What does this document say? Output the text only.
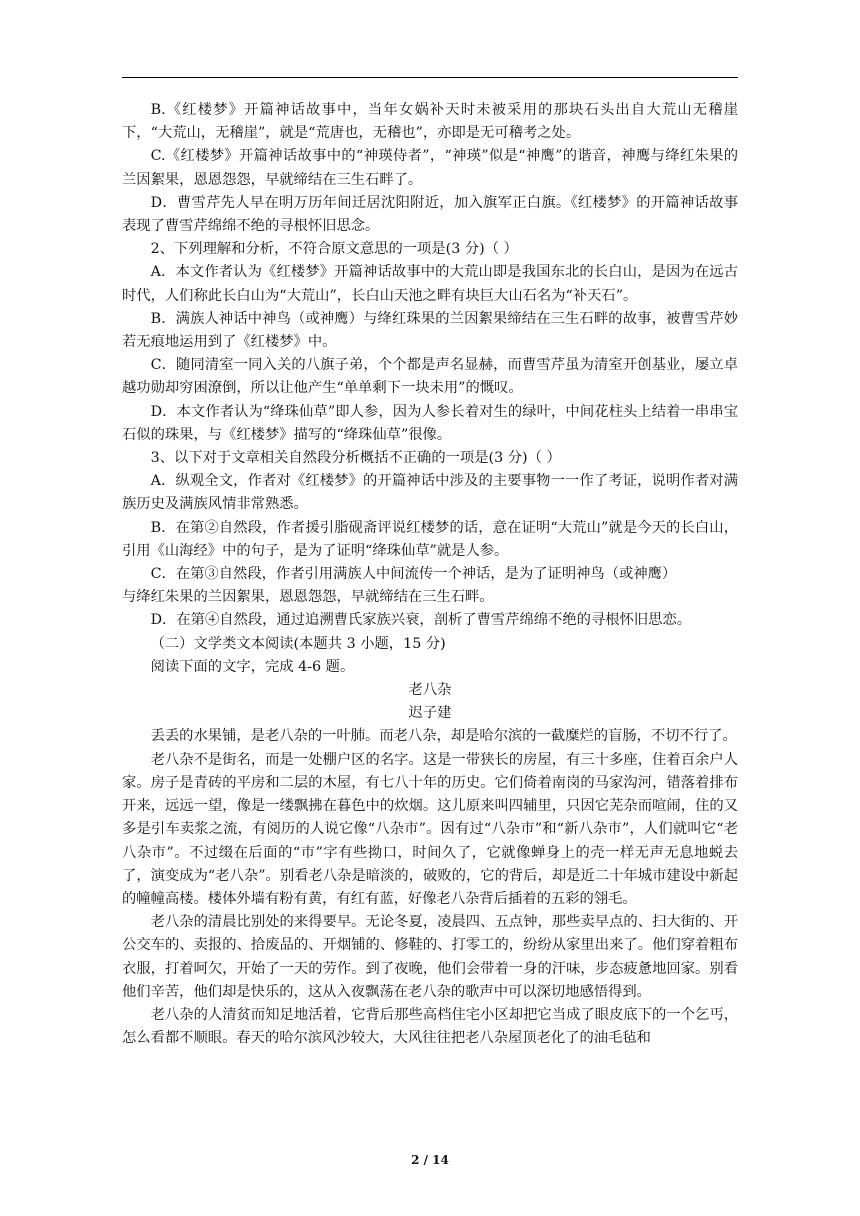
B.《红楼梦》开篇神话故事中，当年女娲补天时未被采用的那块石头出自大荒山无稽崖下，“大荒山，无稽崖”，就是“荒唐也，无稽也”，亦即是无可稽考之处。

C.《红楼梦》开篇神话故事中的“神瑛侍者”，“神瑛”似是“神鹰”的谐音，神鹰与绛红朱果的兰因絮果，恩恩怨怨，早就缔结在三生石畔了。

D．曹雪芹先人早在明万历年间迁居沈阳附近，加入旗军正白旗。《红楼梦》的开篇神话故事表现了曹雪芹绵绵不绝的寻根怀旧思念。

2、下列理解和分析，不符合原文意思的一项是(3 分)（ ）

A．本文作者认为《红楼梦》开篇神话故事中的大荒山即是我国东北的长白山，是因为在远古时代，人们称此长白山为“大荒山”，长白山天池之畔有块巨大山石名为“补天石”。

B．满族人神话中神鸟（或神鹰）与绛红珠果的兰因絮果缔结在三生石畔的故事，被曹雪芹妙若无痕地运用到了《红楼梦》中。

C．随同清室一同入关的八旗子弟，个个都是声名显赫，而曹雪芹虽为清室开创基业，屡立卓越功勋却穷困潦倒，所以让他产生“单单剩下一块未用”的慨叹。

D．本文作者认为“绛珠仙草”即人参，因为人参长着对生的绿叶，中间花柱头上结着一串串宝石似的珠果，与《红楼梦》描写的“绛珠仙草”很像。

3、以下对于文章相关自然段分析概括不正确的一项是(3 分)（ ）

A．纵观全文，作者对《红楼梦》的开篇神话中涉及的主要事物一一作了考证，说明作者对满族历史及满族风情非常熟悉。

B．在第②自然段，作者援引脂砚斋评说红楼梦的话，意在证明“大荒山”就是今天的长白山，引用《山海经》中的句子，是为了证明“绛珠仙草”就是人参。

C．在第③自然段，作者引用满族人中间流传一个神话，是为了证明神鸟（或神鹰）

与绛红朱果的兰因絮果，恩恩怨怨，早就缔结在三生石畔。

D．在第④自然段，通过追溯曹氏家族兴衰，剖析了曹雪芹绵绵不绝的寻根怀旧思恋。

（二）文学类文本阅读(本题共 3 小题，15 分)

阅读下面的文字，完成 4-6 题。

老八杂

迟子建

丢丢的水果铺，是老八杂的一叶肺。而老八杂，却是哈尔滨的一截糜烂的盲肠，不切不行了。

老八杂不是街名，而是一处棚户区的名字。这是一带狭长的房屋，有三十多座，住着百余户人家。房子是青砖的平房和二层的木屋，有七八十年的历史。它们倚着南岗的马家沟河，错落着排布开来，远远一望，像是一缕飘拂在暮色中的炊烟。这儿原来叫四辅里，只因它芜杂而喧闹，住的又多是引车卖浆之流，有阅历的人说它像“八杂市”。因有过“八杂市”和“新八杂市”，人们就叫它“老八杂市”。不过缀在后面的“市”字有些拗口，时间久了，它就像蝉身上的壳一样无声无息地蜕去了，演变成为“老八杂”。别看老八杂是暗淡的，破败的，它的背后，却是近二十年城市建设中新起的幢幢高楼。楼体外墙有粉有黄，有红有蓝，好像老八杂背后插着的五彩的翎毛。

老八杂的清晨比别处的来得要早。无论冬夏，凌晨四、五点钟，那些卖早点的、扫大街的、开公交车的、卖报的、拾废品的、开烟铺的、修鞋的、打零工的，纷纷从家里出来了。他们穿着粗布衣服，打着呵欠，开始了一天的劳作。到了夜晚，他们会带着一身的汗味，步态疲惫地回家。别看他们辛苦，他们却是快乐的，这从入夜飘荡在老八杂的歌声中可以深切地感悟得到。

老八杂的人清贫而知足地活着，它背后那些高档住宅小区却把它当成了眼皮底下的一个乞丐，怎么看都不顺眼。春天的哈尔滨风沙较大，大风往往把老八杂屋顶老化了的油毛毡和

2 / 14
